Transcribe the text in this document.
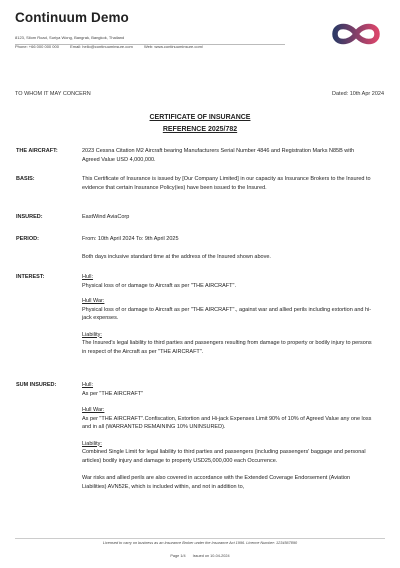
Continuum Demo
8123, Silom Road, Suriya Wong, Bangrak, Bangkok, Thailand
Phone: +66 000 000 000	Email: hello@continuuminsure.com	Web: www.continuuminsure.com/
TO WHOM IT MAY CONCERN	Dated: 10th Apr 2024
CERTIFICATE OF INSURANCE
REFERENCE 2025/782
THE AIRCRAFT:	2023 Cessna Citation M2 Aircraft bearing Manufacturers Serial Number 4846 and Registration Marks N85B with Agreed Value USD 4,000,000.
BASIS:	This Certificate of Insurance is issued by [Our Company Limited] in our capacity as Insurance Brokers to the Insured to evidence that certain Insurance Policy(ies) have been issued to the Insured.
INSURED:	EastWind AviaCorp
PERIOD:	From: 10th April 2024 To: 9th April 2025
Both days inclusive standard time at the address of the Insured shown above.
INTEREST:	Hull:
Physical loss of or damage to Aircraft as per "THE AIRCRAFT".
Hull War:
Physical loss of or damage to Aircraft as per "THE AIRCRAFT"., against war and allied perils including extortion and hi-jack expenses.
Liability:
The Insured's legal liability to third parties and passengers resulting from damage to property or bodily injury to persons in respect of the Aircraft as per "THE AIRCRAFT".
SUM INSURED:	Hull:
As per "THE AIRCRAFT"
Hull War:
As per "THE AIRCRAFT".Confiscation, Extortion and Hi-jack Expenses Limit 90% of 10% of Agreed Value any one loss and in all (WARRANTED REMAINING 10% UNINSURED).
Liability:
Combined Single Limit for legal liability to third parties and passengers (including passengers' baggage and personal articles) bodily injury and damage to property USD25,000,000 each Occurrence.
War risks and allied perils are also covered in accordance with the Extended Coverage Endorsement (Aviation Liabilities) AVN52E, which is included within, and not in addition to,
Licensed to carry on business as an Insurance Broker under the Insurance Act 1996. Licence Number: 1234567890
Page 1/4 Issued on 10-04-2024
